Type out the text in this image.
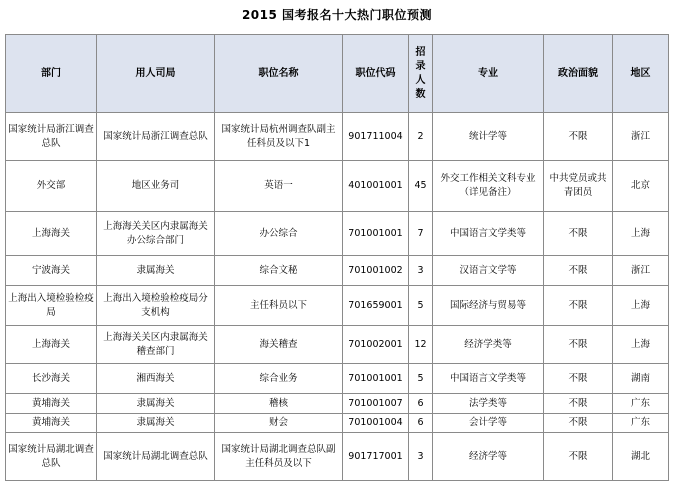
2015 国考报名十大热门职位预测
部门	用人司局	职位名称	职位代码	招录人数	专业	政治面貌	地区
国家统计局浙江调查总队	国家统计局浙江调查总队	国家统计局杭州调查队副主任科员及以下1	901711004	2	统计学等	不限	浙江
外交部	地区业务司	英语一	401001001	45	外交工作相关文科专业（详见备注）	中共党员或共青团员	北京
上海海关	上海海关关区内隶属海关办公综合部门	办公综合	701001001	7	中国语言文学类等	不限	上海
宁波海关	隶属海关	综合文秘	701001002	3	汉语言文学等	不限	浙江
上海出入境检验检疫局	上海出入境检验检疫局分支机构	主任科员以下	701659001	5	国际经济与贸易等	不限	上海
上海海关	上海海关关区内隶属海关稽查部门	海关稽查	701002001	12	经济学类等	不限	上海
长沙海关	湘西海关	综合业务	701001001	5	中国语言文学类等	不限	湖南
黄埔海关	隶属海关	稽核	701001007	6	法学类等	不限	广东
黄埔海关	隶属海关	财会	701001004	6	会计学等	不限	广东
国家统计局湖北调查总队	国家统计局湖北调查总队	国家统计局湖北调查总队副主任科员及以下	901717001	3	经济学等	不限	湖北
